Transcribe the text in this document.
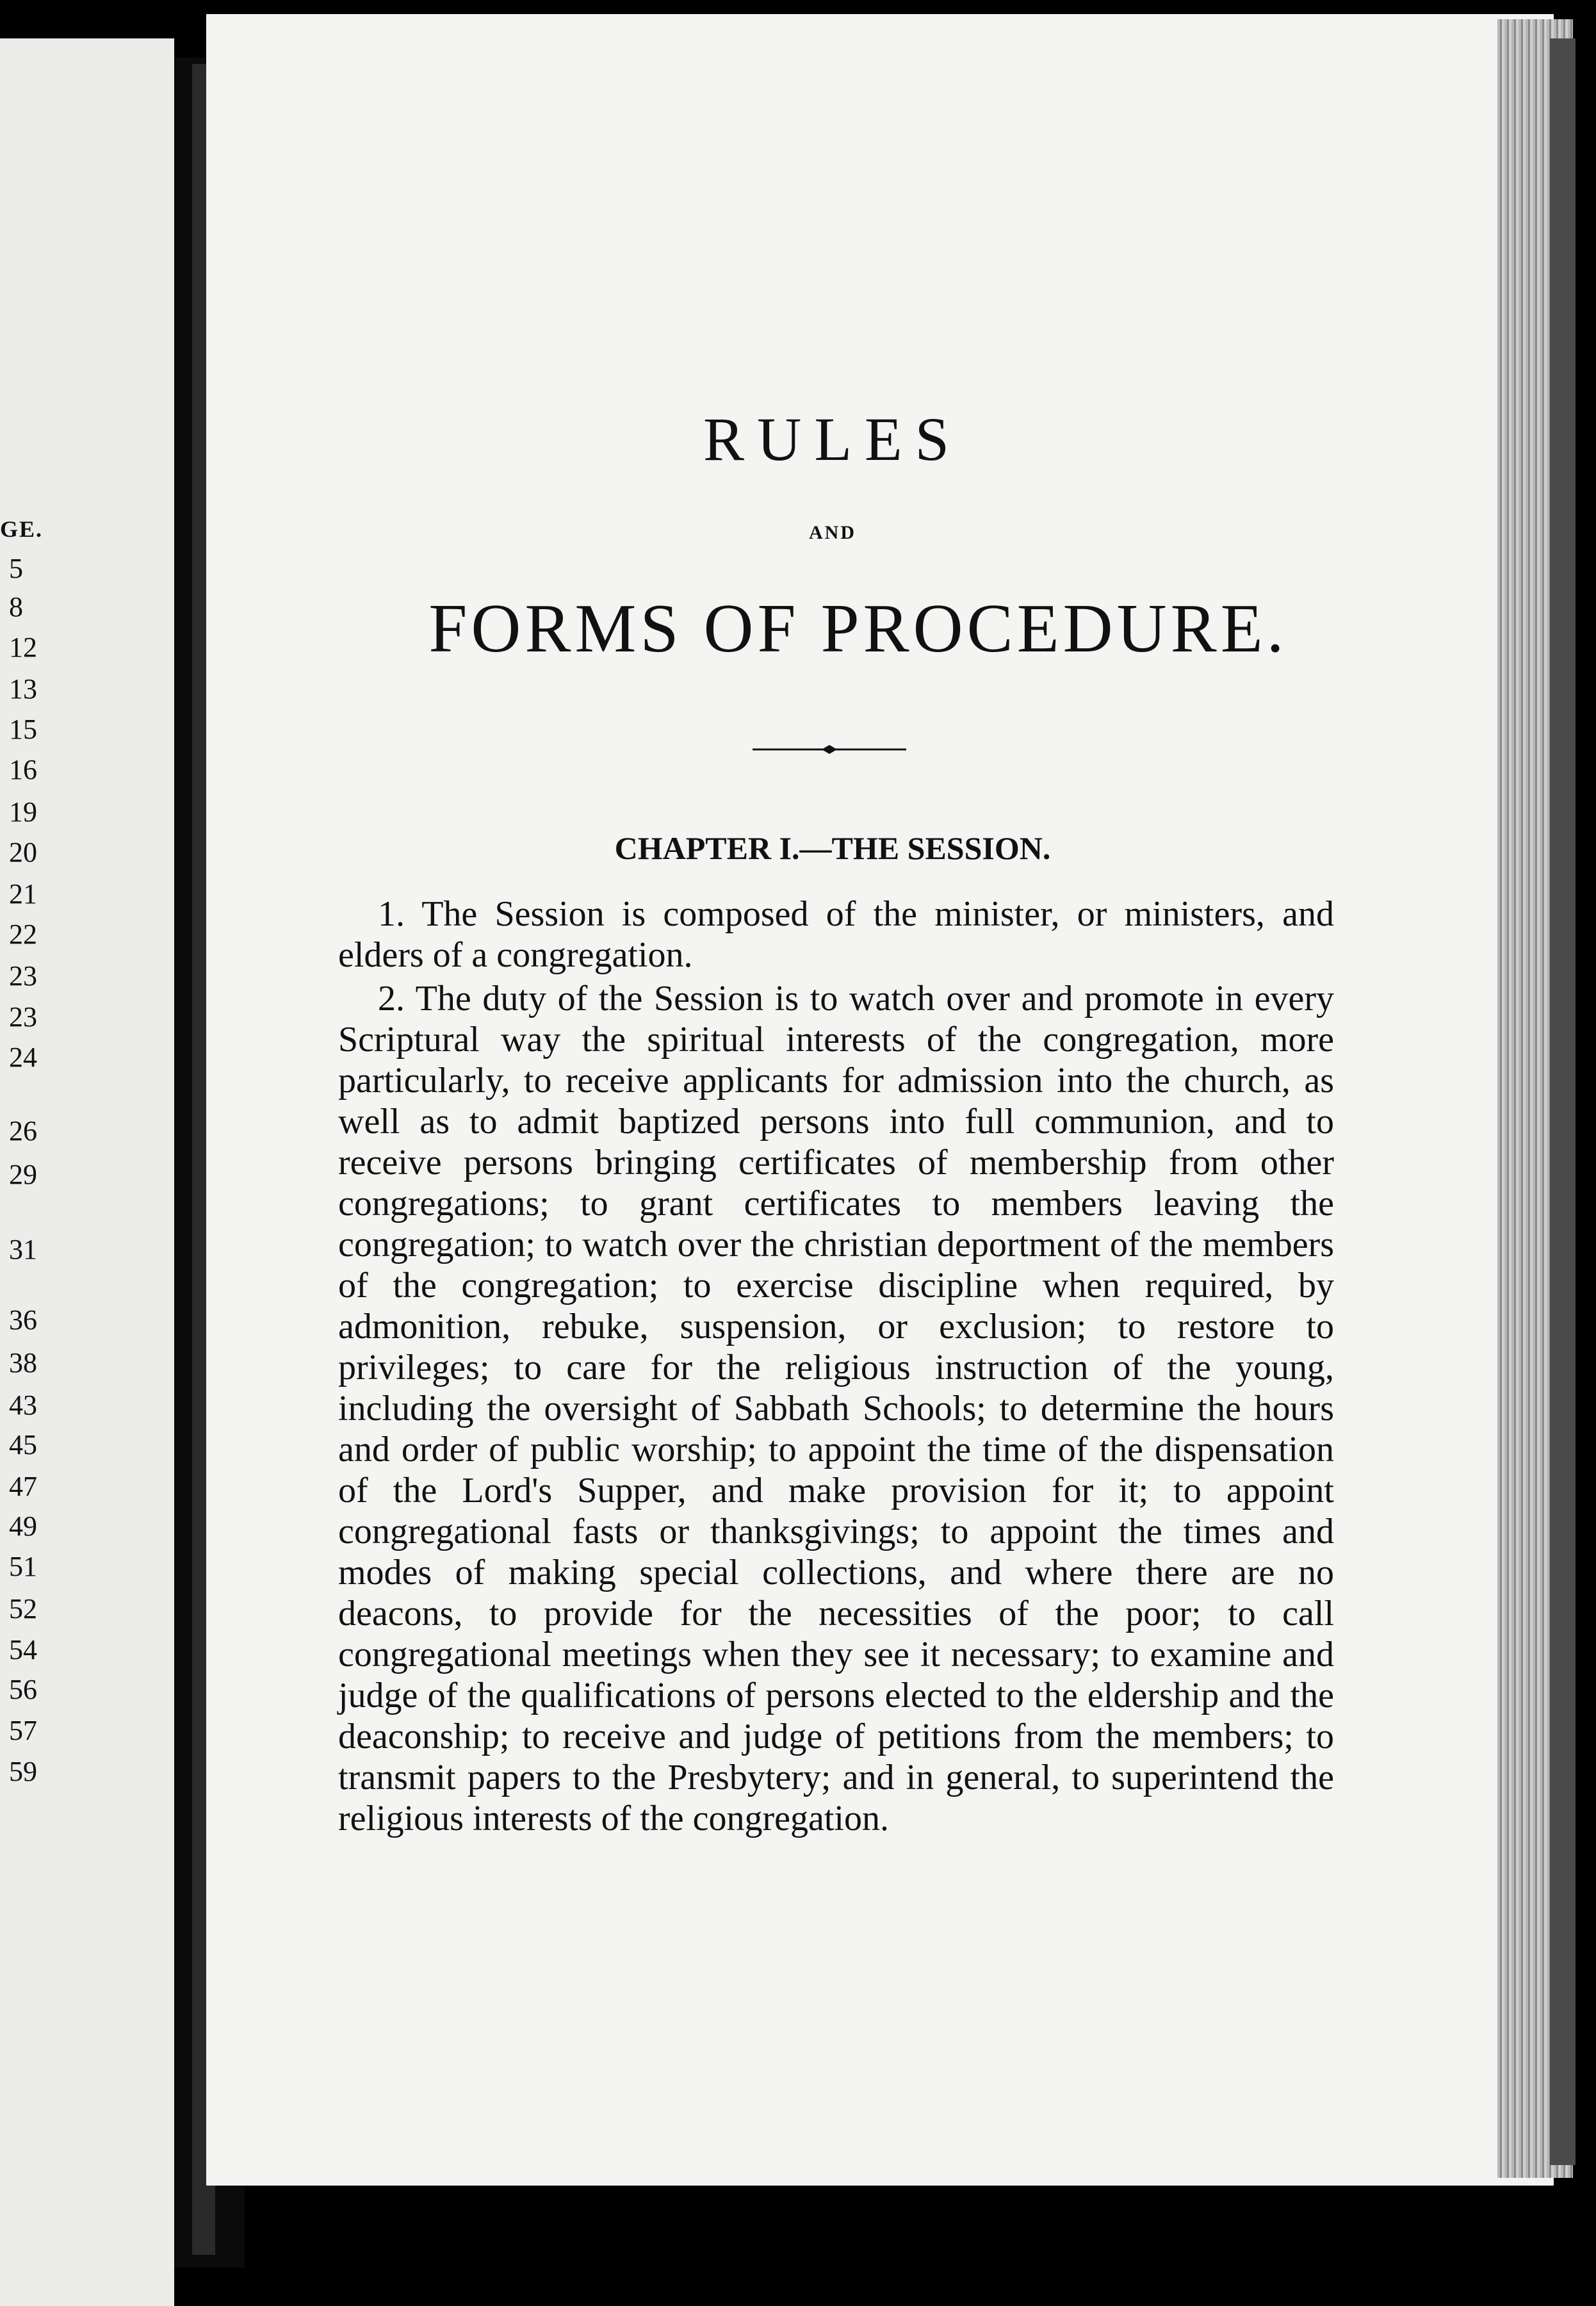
GE.
5
8
12
13
15
16
19
20
21
22
23
23
24
26
29
31
36
38
43
45
47
49
51
52
54
56
57
59
RULES
AND
FORMS OF PROCEDURE.
CHAPTER I.—THE SESSION.

1. The Session is composed of the minister, or ministers, and elders of a congregation.

2. The duty of the Session is to watch over and promote in every Scriptural way the spiritual interests of the congregation, more particularly, to receive applicants for admission into the church, as well as to admit baptized persons into full communion, and to receive persons bringing certificates of membership from other congregations; to grant certificates to members leaving the congregation; to watch over the christian deportment of the members of the congregation; to exercise discipline when required, by admonition, rebuke, suspension, or exclusion; to restore to privileges; to care for the religious instruction of the young, including the oversight of Sabbath Schools; to determine the hours and order of public worship; to appoint the time of the dispensation of the Lord's Supper, and make provision for it; to appoint congregational fasts or thanksgivings; to appoint the times and modes of making special collections, and where there are no deacons, to provide for the necessities of the poor; to call congregational meetings when they see it necessary; to examine and judge of the qualifications of persons elected to the eldership and the deaconship; to receive and judge of petitions from the members; to transmit papers to the Presbytery; and in general, to superintend the religious interests of the congregation.
